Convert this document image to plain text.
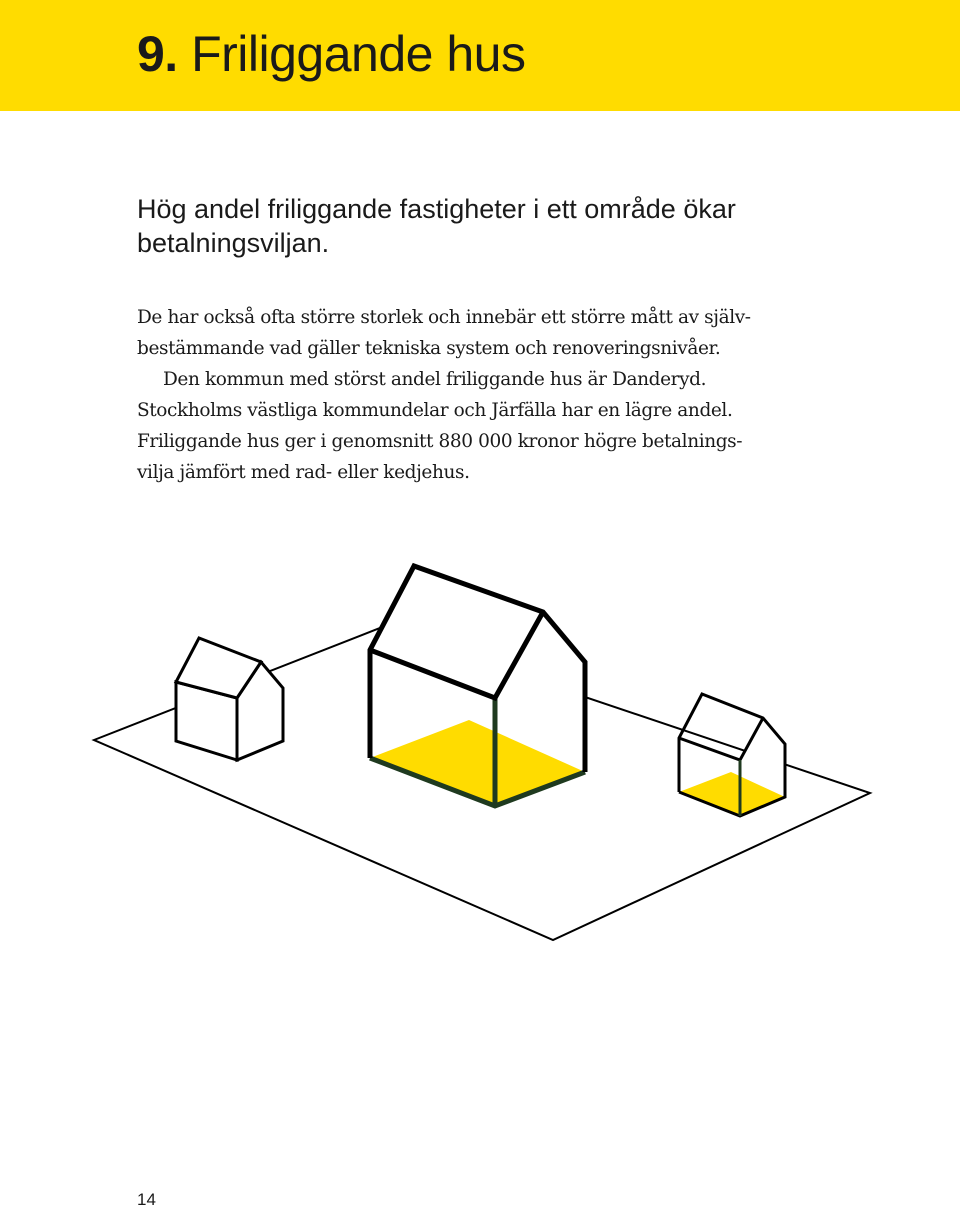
9. Friliggande hus

Hög andel friliggande fastigheter i ett område ökar
betalningsviljan.

De har också ofta större storlek och innebär ett större mått av själv-
bestämmande vad gäller tekniska system och renoveringsnivåer.
Den kommun med störst andel friliggande hus är Danderyd.
Stockholms västliga kommundelar och Järfälla har en lägre andel.
Friliggande hus ger i genomsnitt 880 000 kronor högre betalnings-
vilja jämfört med rad- eller kedjehus.

14
